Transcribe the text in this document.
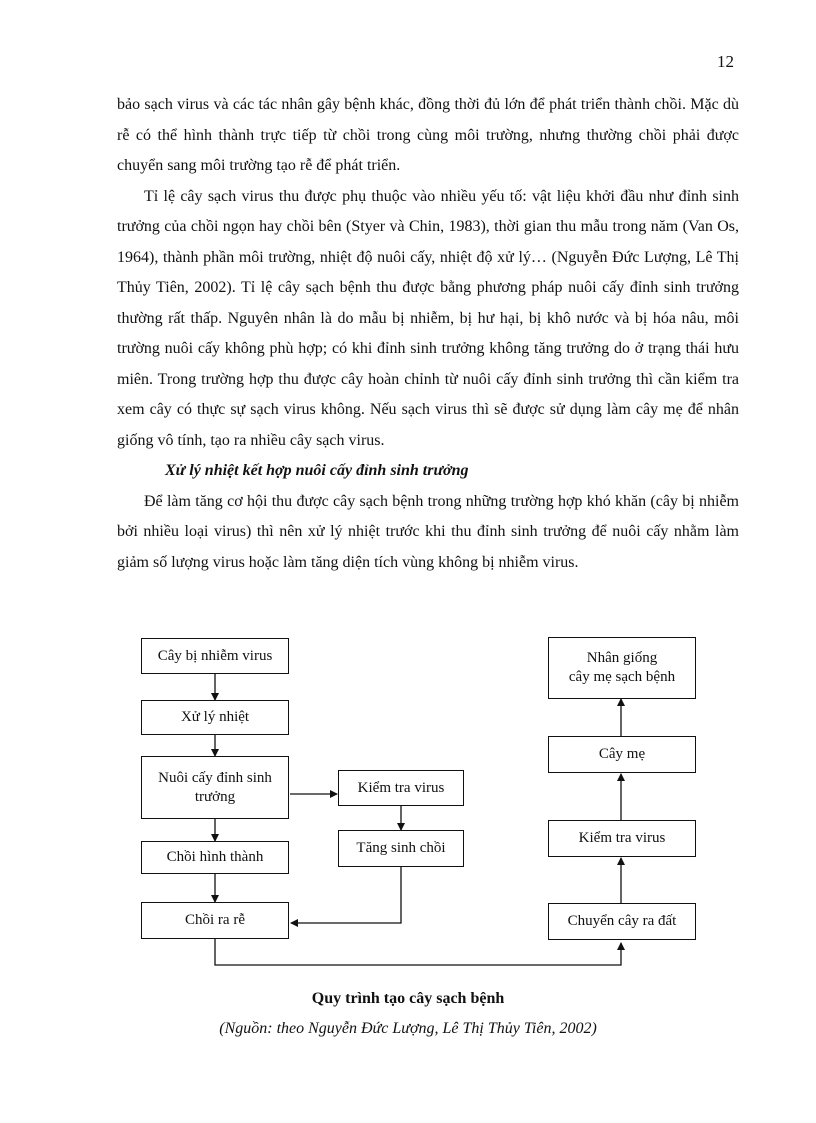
12

bảo sạch virus và các tác nhân gây bệnh khác, đồng thời đủ lớn để phát triển thành chồi. Mặc dù rễ có thể hình thành trực tiếp từ chồi trong cùng môi trường, nhưng thường chồi phải được chuyển sang môi trường tạo rễ để phát triển.

Tỉ lệ cây sạch virus thu được phụ thuộc vào nhiều yếu tố: vật liệu khởi đầu như đỉnh sinh trưởng của chồi ngọn hay chồi bên (Styer và Chin, 1983), thời gian thu mẫu trong năm (Van Os, 1964), thành phần môi trường, nhiệt độ nuôi cấy, nhiệt độ xử lý… (Nguyễn Đức Lượng, Lê Thị Thủy Tiên, 2002). Tỉ lệ cây sạch bệnh thu được bằng phương pháp nuôi cấy đỉnh sinh trưởng thường rất thấp. Nguyên nhân là do mẫu bị nhiễm, bị hư hại, bị khô nước và bị hóa nâu, môi trường nuôi cấy không phù hợp; có khi đỉnh sinh trưởng không tăng trưởng do ở trạng thái hưu miên. Trong trường hợp thu được cây hoàn chỉnh từ nuôi cấy đỉnh sinh trưởng thì cần kiểm tra xem cây có thực sự sạch virus không. Nếu sạch virus thì sẽ được sử dụng làm cây mẹ để nhân giống vô tính, tạo ra nhiều cây sạch virus.

Xử lý nhiệt kết hợp nuôi cấy đỉnh sinh trưởng

Để làm tăng cơ hội thu được cây sạch bệnh trong những trường hợp khó khăn (cây bị nhiễm bởi nhiều loại virus) thì nên xử lý nhiệt trước khi thu đỉnh sinh trưởng để nuôi cấy nhằm làm giảm số lượng virus hoặc làm tăng diện tích vùng không bị nhiễm virus.

Cây bị nhiễm virus
Xử lý nhiệt
Nuôi cấy đỉnh sinh
trưởng
Chồi hình thành
Chồi ra rễ
Kiểm tra virus
Tăng sinh chồi
Nhân giống
cây mẹ sạch bệnh
Cây mẹ
Kiểm tra virus
Chuyển cây ra đất
Quy trình tạo cây sạch bệnh
(Nguồn: theo Nguyễn Đức Lượng, Lê Thị Thủy Tiên, 2002)
